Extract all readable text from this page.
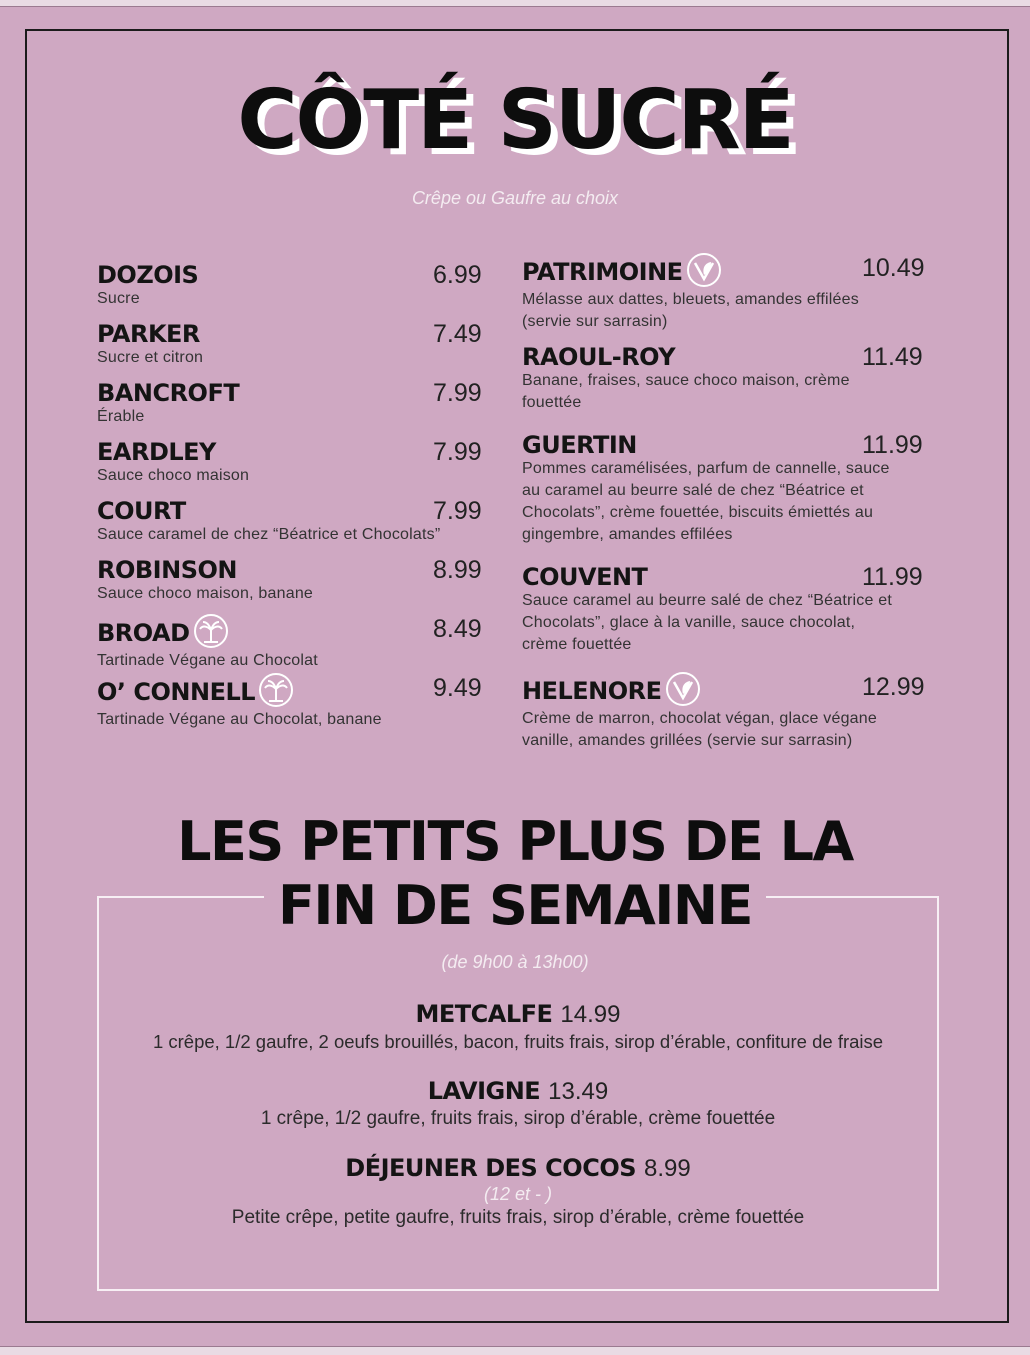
CÔTÉ SUCRÉ
Crêpe ou Gaufre au choix
DOZOIS	6.99
Sucre
PARKER	7.49
Sucre et citron
BANCROFT	7.99
Érable
EARDLEY	7.99
Sauce choco maison
COURT	7.99
Sauce caramel de chez “Béatrice et Chocolats”
ROBINSON	8.99
Sauce choco maison, banane
BROAD	8.49
Tartinade Végane au Chocolat
O’ CONNELL	9.49
Tartinade Végane au Chocolat, banane
PATRIMOINE	10.49
Mélasse aux dattes, bleuets, amandes effilées (servie sur sarrasin)
RAOUL-ROY	11.49
Banane, fraises, sauce choco maison, crème fouettée
GUERTIN	11.99
Pommes caramélisées, parfum de cannelle, sauce au caramel au beurre salé de chez “Béatrice et Chocolats”, crème fouettée, biscuits émiettés au gingembre, amandes effilées
COUVENT	11.99
Sauce caramel au beurre salé de chez “Béatrice et Chocolats”, glace à la vanille, sauce chocolat, crème fouettée
HELENORE	12.99
Crème de marron, chocolat végan, glace végane vanille, amandes grillées (servie sur sarrasin)
LES PETITS PLUS DE LA
FIN DE SEMAINE
(de 9h00 à 13h00)
METCALFE 14.99
1 crêpe, 1/2 gaufre, 2 oeufs brouillés, bacon, fruits frais, sirop d’érable, confiture de fraise
LAVIGNE 13.49
1 crêpe, 1/2 gaufre, fruits frais, sirop d’érable, crème fouettée
DÉJEUNER DES COCOS 8.99
(12 et - )
Petite crêpe, petite gaufre, fruits frais, sirop d’érable, crème fouettée
